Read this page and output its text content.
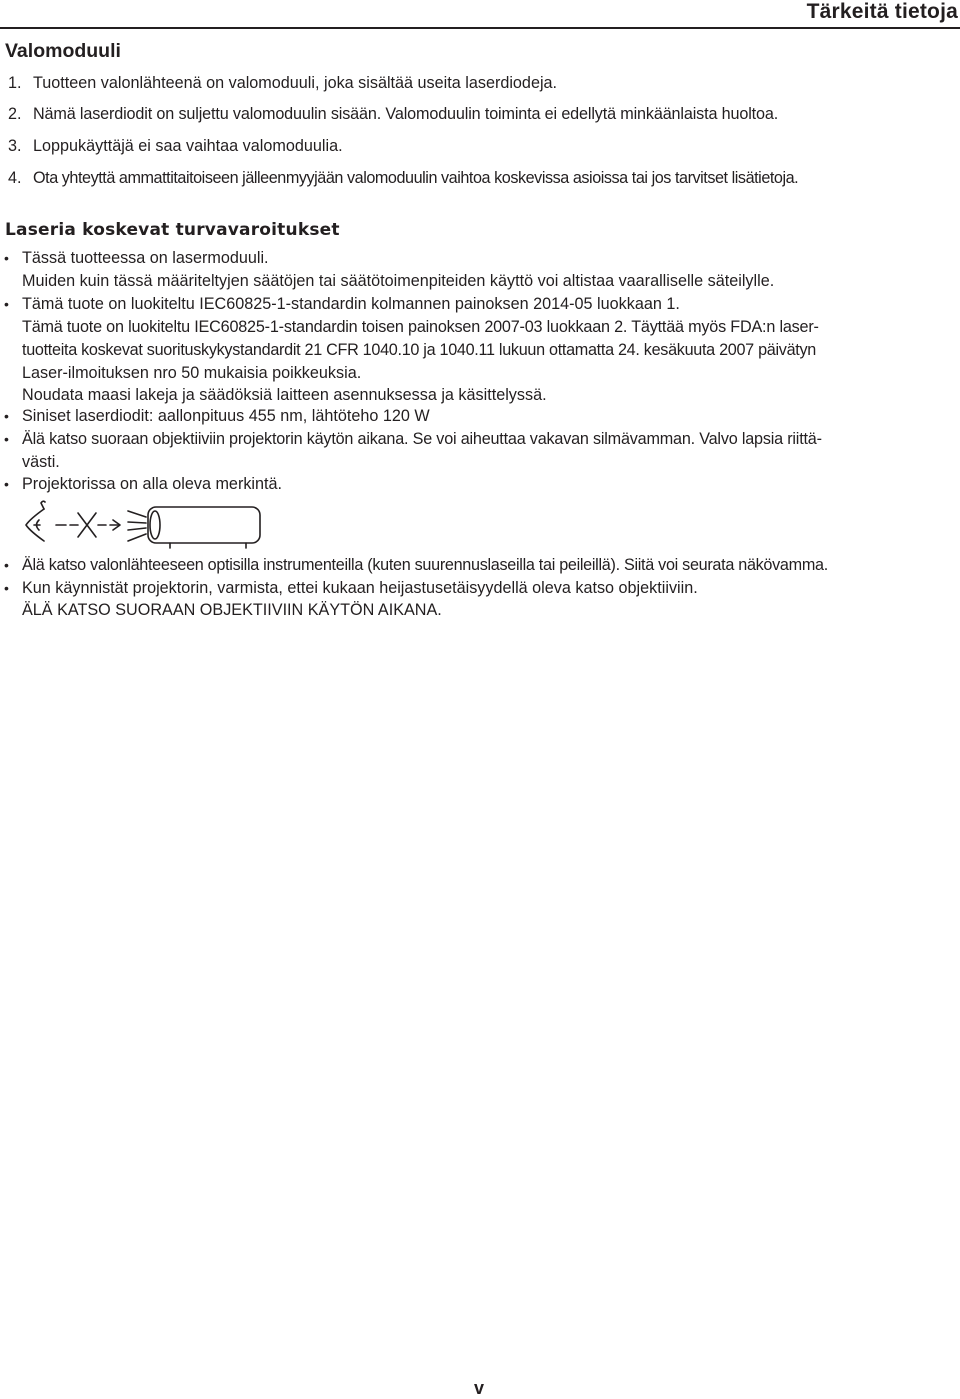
Tärkeitä tietoja
Valomoduuli
1. Tuotteen valonlähteenä on valomoduuli, joka sisältää useita laserdiodeja.
2. Nämä laserdiodit on suljettu valomoduulin sisään. Valomoduulin toiminta ei edellytä minkäänlaista huoltoa.
3. Loppukäyttäjä ei saa vaihtaa valomoduulia.
4. Ota yhteyttä ammattitaitoiseen jälleenmyyjään valomoduulin vaihtoa koskevissa asioissa tai jos tarvitset lisätietoja.
Laseria koskevat turvavaroitukset
• Tässä tuotteessa on lasermoduuli.
Muiden kuin tässä määriteltyjen säätöjen tai säätötoimenpiteiden käyttö voi altistaa vaaralliselle säteilylle.
• Tämä tuote on luokiteltu IEC60825-1-standardin kolmannen painoksen 2014-05 luokkaan 1.
Tämä tuote on luokiteltu IEC60825-1-standardin toisen painoksen 2007-03 luokkaan 2. Täyttää myös FDA:n laser-
tuotteita koskevat suorituskykystandardit 21 CFR 1040.10 ja 1040.11 lukuun ottamatta 24. kesäkuuta 2007 päivätyn
Laser-ilmoituksen nro 50 mukaisia poikkeuksia.
Noudata maasi lakeja ja säädöksiä laitteen asennuksessa ja käsittelyssä.
• Siniset laserdiodit: aallonpituus 455 nm, lähtöteho 120 W
• Älä katso suoraan objektiiviin projektorin käytön aikana. Se voi aiheuttaa vakavan silmävamman. Valvo lapsia riittä-
västi.
• Projektorissa on alla oleva merkintä.
• Älä katso valonlähteeseen optisilla instrumenteilla (kuten suurennuslaseilla tai peileillä). Siitä voi seurata näkövamma.
• Kun käynnistät projektorin, varmista, ettei kukaan heijastusetäisyydellä oleva katso objektiiviin.
ÄLÄ KATSO SUORAAN OBJEKTIIVIIN KÄYTÖN AIKANA.
v
